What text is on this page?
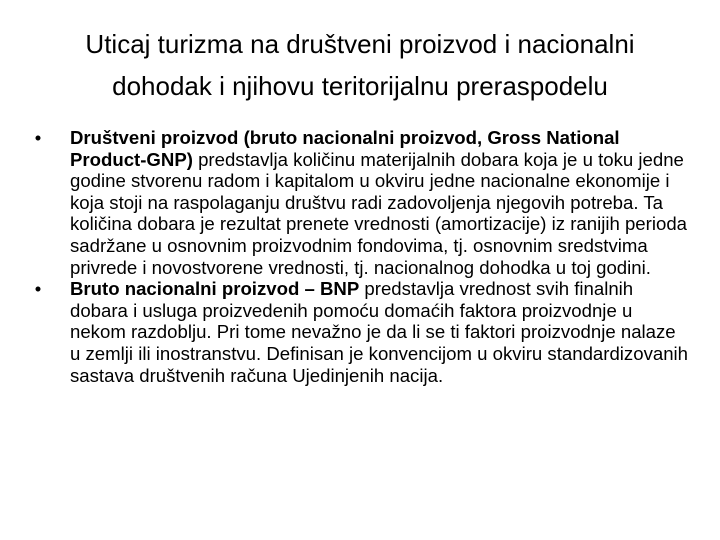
Uticaj turizma na društveni proizvod i nacionalni dohodak i njihovu teritorijalnu preraspodelu
•	Društveni proizvod (bruto nacionalni proizvod, Gross National Product-GNP) predstavlja količinu materijalnih dobara koja je u toku jedne godine stvorenu radom i kapitalom u okviru jedne nacionalne ekonomije i koja stoji na raspolaganju društvu radi zadovoljenja njegovih potreba. Ta količina dobara je rezultat prenete vrednosti (amortizacije) iz ranijih perioda sadržane u osnovnim proizvodnim fondovima, tj. osnovnim sredstvima privrede i novostvorene vrednosti, tj. nacionalnog dohodka u toj godini.
•	Bruto nacionalni proizvod – BNP predstavlja vrednost svih finalnih dobara i usluga proizvedenih pomoću domaćih faktora proizvodnje u nekom razdoblju. Pri tome nevažno je da li se ti faktori proizvodnje nalaze u zemlji ili inostranstvu. Definisan je konvencijom u okviru standardizovanih sastava društvenih računa Ujedinjenih nacija.
